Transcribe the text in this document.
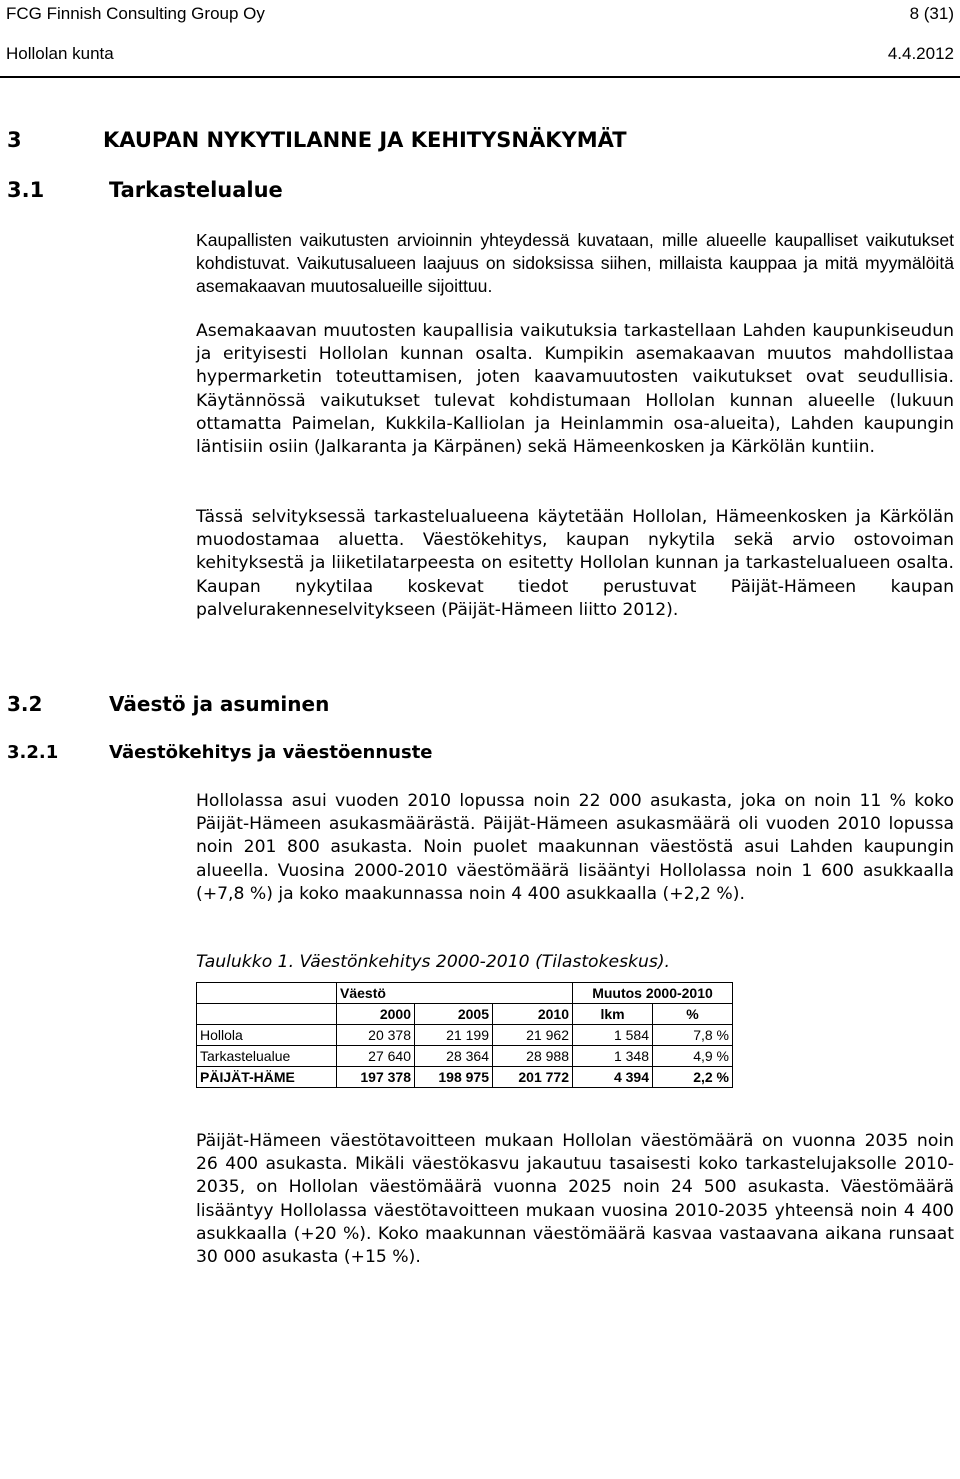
FCG Finnish Consulting Group Oy	8 (31)
Hollolan kunta	4.4.2012
3	KAUPAN NYKYTILANNE JA KEHITYSNÄKYMÄT
3.1	Tarkastelualue

Kaupallisten vaikutusten arvioinnin yhteydessä kuvataan, mille alueelle kaupalliset vaikutukset kohdistuvat. Vaikutusalueen laajuus on sidoksissa siihen, millaista kauppaa ja mitä myymälöitä asemakaavan muutosalueille sijoittuu.

Asemakaavan muutosten kaupallisia vaikutuksia tarkastellaan Lahden kaupunkiseudun ja erityisesti Hollolan kunnan osalta. Kumpikin asemakaavan muutos mahdollistaa hypermarketin toteuttamisen, joten kaavamuutosten vaikutukset ovat seudullisia. Käytännössä vaikutukset tulevat kohdistumaan Hollolan kunnan alueelle (lukuun ottamatta Paimelan, Kukkila-Kalliolan ja Heinlammin osa-alueita), Lahden kaupungin läntisiin osiin (Jalkaranta ja Kärpänen) sekä Hämeenkosken ja Kärkölän kuntiin.

Tässä selvityksessä tarkastelualueena käytetään Hollolan, Hämeenkosken ja Kärkölän muodostamaa aluetta. Väestökehitys, kaupan nykytila sekä arvio ostovoiman kehityksestä ja liiketilatarpeesta on esitetty Hollolan kunnan ja tarkastelualueen osalta. Kaupan nykytilaa koskevat tiedot perustuvat Päijät-Hämeen kaupan palvelurakenneselvitykseen (Päijät-Hämeen liitto 2012).

3.2	Väestö ja asuminen
3.2.1	Väestökehitys ja väestöennuste

Hollolassa asui vuoden 2010 lopussa noin 22 000 asukasta, joka on noin 11 % koko Päijät-Hämeen asukasmäärästä. Päijät-Hämeen asukasmäärä oli vuoden 2010 lopussa noin 201 800 asukasta. Noin puolet maakunnan väestöstä asui Lahden kaupungin alueella. Vuosina 2000-2010 väestömäärä lisääntyi Hollolassa noin 1 600 asukkaalla (+7,8 %) ja koko maakunnassa noin 4 400 asukkaalla (+2,2 %).

Taulukko 1. Väestönkehitys 2000-2010 (Tilastokeskus).
	Väestö			Muutos 2000-2010	
	2000	2005	2010	lkm	%
Hollola	20 378	21 199	21 962	1 584	7,8 %
Tarkastelualue	27 640	28 364	28 988	1 348	4,9 %
PÄIJÄT-HÄME	197 378	198 975	201 772	4 394	2,2 %

Päijät-Hämeen väestötavoitteen mukaan Hollolan väestömäärä on vuonna 2035 noin 26 400 asukasta. Mikäli väestökasvu jakautuu tasaisesti koko tarkastelujaksolle 2010-2035, on Hollolan väestömäärä vuonna 2025 noin 24 500 asukasta. Väestömäärä lisääntyy Hollolassa väestötavoitteen mukaan vuosina 2010-2035 yhteensä noin 4 400 asukkaalla (+20 %). Koko maakunnan väestömäärä kasvaa vastaavana aikana runsaat 30 000 asukasta (+15 %).
